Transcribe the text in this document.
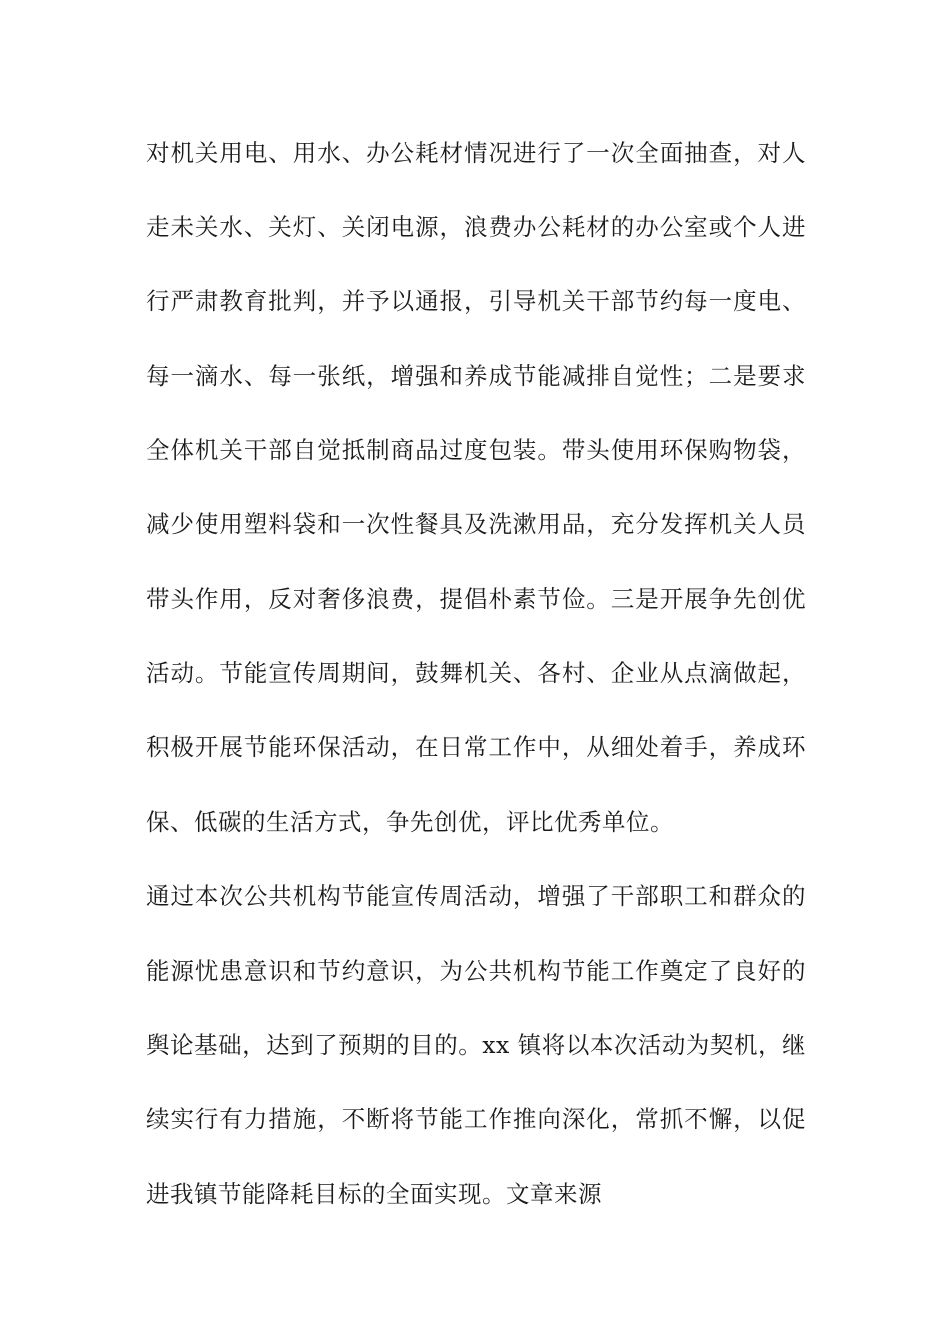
对机关用电、用水、办公耗材情况进行了一次全面抽查，对人
走未关水、关灯、关闭电源，浪费办公耗材的办公室或个人进
行严肃教育批判，并予以通报，引导机关干部节约每一度电、
每一滴水、每一张纸，增强和养成节能减排自觉性；二是要求
全体机关干部自觉抵制商品过度包装。带头使用环保购物袋，
减少使用塑料袋和一次性餐具及洗漱用品，充分发挥机关人员
带头作用，反对奢侈浪费，提倡朴素节俭。三是开展争先创优
活动。节能宣传周期间，鼓舞机关、各村、企业从点滴做起，
积极开展节能环保活动，在日常工作中，从细处着手，养成环
保、低碳的生活方式，争先创优，评比优秀单位。
通过本次公共机构节能宣传周活动，增强了干部职工和群众的
能源忧患意识和节约意识，为公共机构节能工作奠定了良好的
舆论基础，达到了预期的目的。xx 镇将以本次活动为契机，继
续实行有力措施，不断将节能工作推向深化，常抓不懈，以促
进我镇节能降耗目标的全面实现。文章来源
